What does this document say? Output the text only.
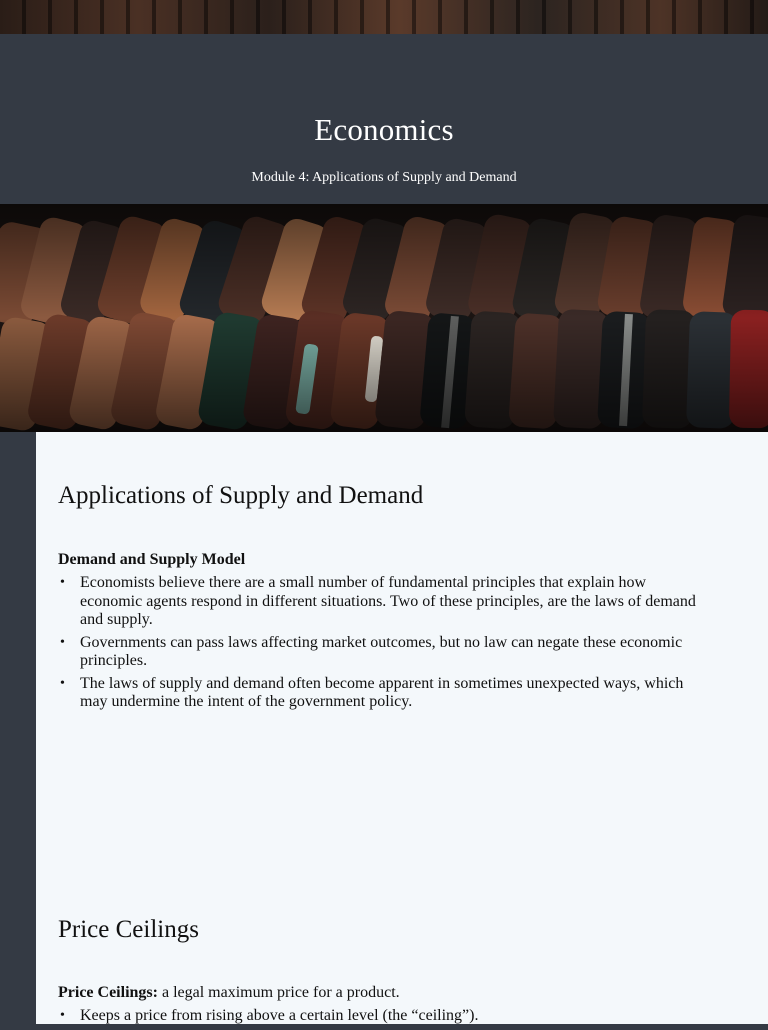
Economics
Module 4: Applications of Supply and Demand
Applications of Supply and Demand
Demand and Supply Model
• Economists believe there are a small number of fundamental principles that explain how economic agents respond in different situations. Two of these principles, are the laws of demand and supply.
• Governments can pass laws affecting market outcomes, but no law can negate these economic principles.
• The laws of supply and demand often become apparent in sometimes unexpected ways, which may undermine the intent of the government policy.
Price Ceilings
Price Ceilings: a legal maximum price for a product.
• Keeps a price from rising above a certain level (the “ceiling”).
